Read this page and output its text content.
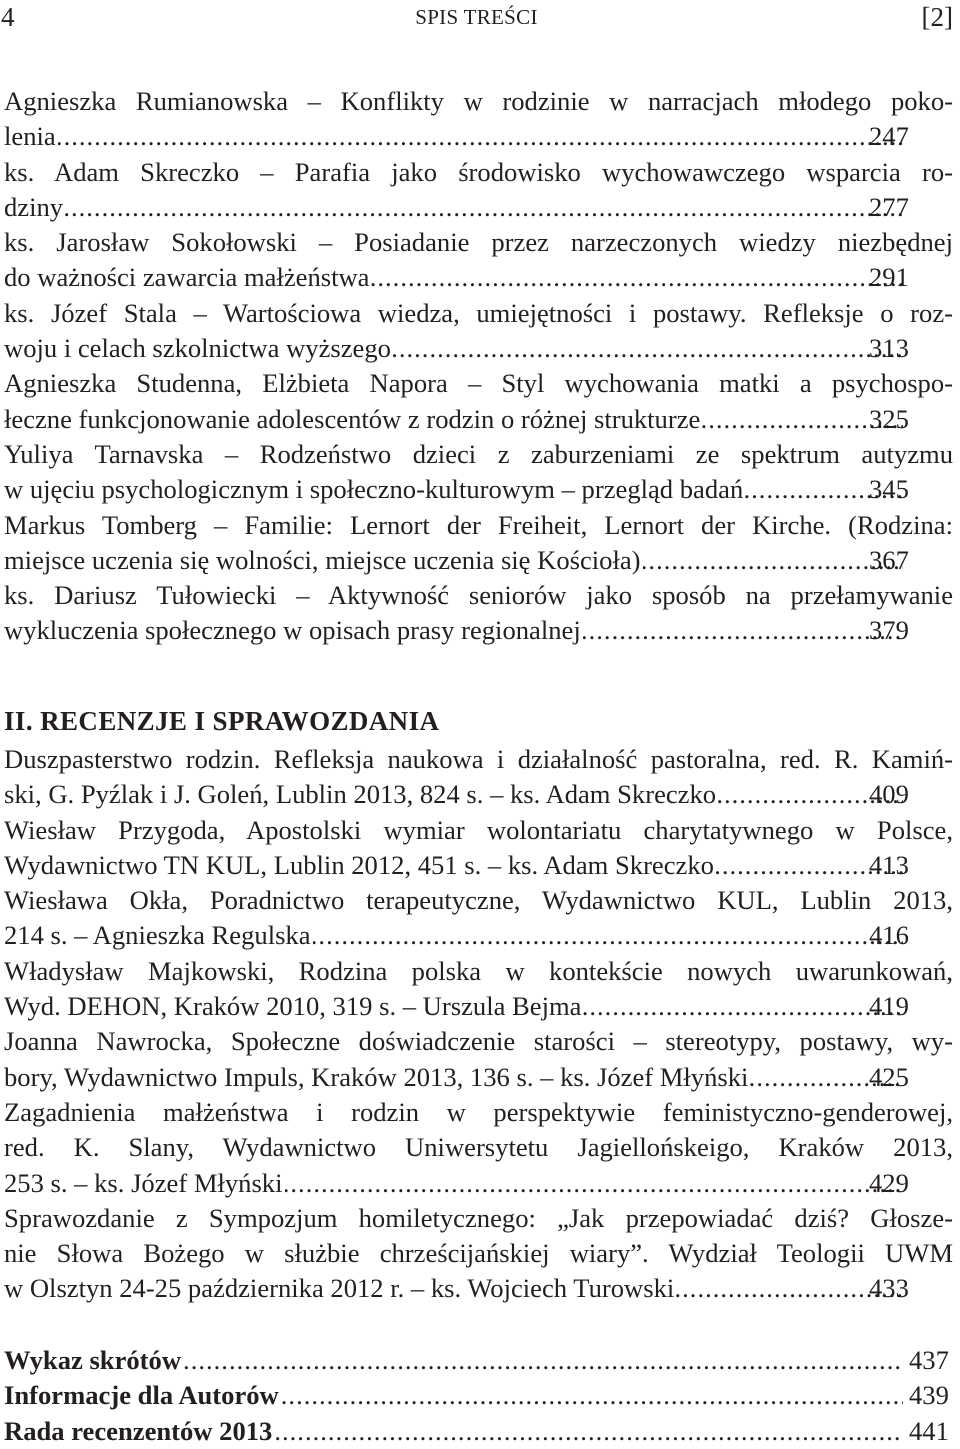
4	SPIS TREŚCI	[2]
Agnieszka Rumianowska – Konflikty w rodzinie w narracjach młodego poko-
lenia .....	247
ks. Adam Skreczko – Parafia jako środowisko wychowawczego wsparcia ro-
dziny .....	277
ks. Jarosław Sokołowski – Posiadanie przez narzeczonych wiedzy niezbędnej
do ważności zawarcia małżeństwa .....	291
ks. Józef Stala – Wartościowa wiedza, umiejętności i postawy. Refleksje o roz-
woju i celach szkolnictwa wyższego .....	313
Agnieszka Studenna, Elżbieta Napora – Styl wychowania matki a psychospo-
łeczne funkcjonowanie adolescentów z rodzin o różnej strukturze .....	325
Yuliya Tarnavska – Rodzeństwo dzieci z zaburzeniami ze spektrum autyzmu
w ujęciu psychologicznym i społeczno-kulturowym – przegląd badań .....	345
Markus Tomberg – Familie: Lernort der Freiheit, Lernort der Kirche. (Rodzina:
miejsce uczenia się wolności, miejsce uczenia się Kościoła) .....	367
ks. Dariusz Tułowiecki – Aktywność seniorów jako sposób na przełamywanie
wykluczenia społecznego w opisach prasy regionalnej .....	379
II. RECENZJE I SPRAWOZDANIA
Duszpasterstwo rodzin. Refleksja naukowa i działalność pastoralna, red. R. Kamiń-
ski, G. Pyźlak i J. Goleń, Lublin 2013, 824 s. – ks. Adam Skreczko .....	409
Wiesław Przygoda, Apostolski wymiar wolontariatu charytatywnego w Polsce,
Wydawnictwo TN KUL, Lublin 2012, 451 s. – ks. Adam Skreczko .....	413
Wiesława Okła, Poradnictwo terapeutyczne, Wydawnictwo KUL, Lublin 2013,
214 s. – Agnieszka Regulska .....	416
Władysław Majkowski, Rodzina polska w kontekście nowych uwarunkowań,
Wyd. DEHON, Kraków 2010, 319 s. – Urszula Bejma .....	419
Joanna Nawrocka, Społeczne doświadczenie starości – stereotypy, postawy, wy-
bory, Wydawnictwo Impuls, Kraków 2013, 136 s. – ks. Józef Młyński .....	425
Zagadnienia małżeństwa i rodzin w perspektywie feministyczno-genderowej,
red. K. Slany, Wydawnictwo Uniwersytetu Jagiellońskeigo, Kraków 2013,
253 s. – ks. Józef Młyński .....	429
Sprawozdanie z Sympozjum homiletycznego: „Jak przepowiadać dziś? Głosze-
nie Słowa Bożego w służbie chrześcijańskiej wiary”. Wydział Teologii UWM
w Olsztyn 24-25 października 2012 r. – ks. Wojciech Turowski .....	433
Wykaz skrótów .....	437
Informacje dla Autorów .....	439
Rada recenzentów 2013 .....	441
